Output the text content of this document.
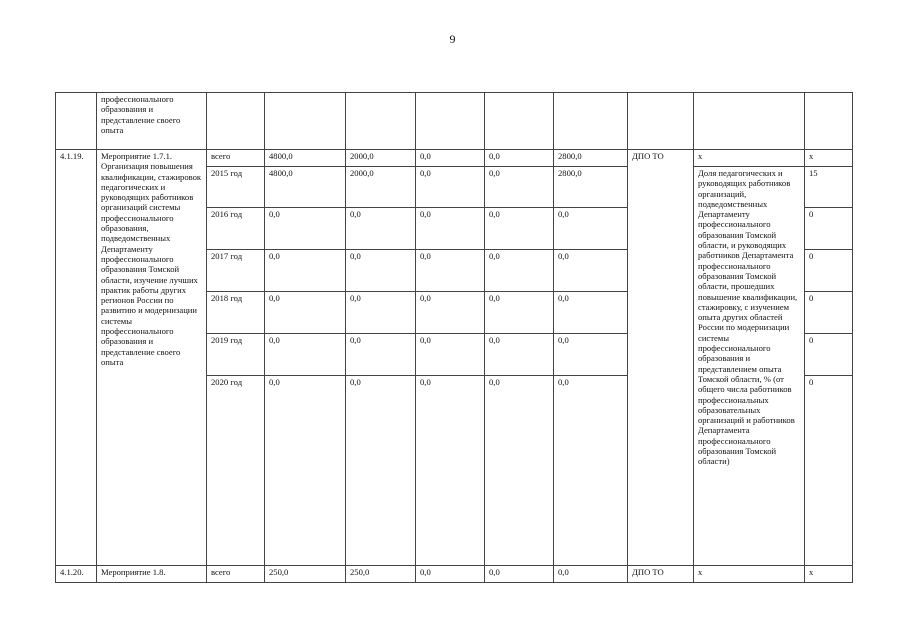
9
	профессионального образования и представление своего опыта									
4.1.19.	Мероприятие 1.7.1. Организация повышения квалификации, стажировок педагогических и руководящих работников организаций системы профессионального образования, подведомственных Департаменту профессионального образования Томской области, изучение лучших практик работы других регионов России по развитию и модернизации системы профессионального образования и представление своего опыта	всего	4800,0	2000,0	0,0	0,0	2800,0	ДПО ТО	x	x
		2015 год	4800,0	2000,0	0,0	0,0	2800,0		Доля педагогических и руководящих работников организаций, подведомственных Департаменту профессионального образования Томской области, и руководящих работников Департамента профессионального образования Томской области, прошедших повышение квалификации, стажировку, с изучением опыта других областей России по модернизации системы профессионального образования и представлением опыта Томской области, % (от общего числа работников профессиональных образовательных организаций и работников Департамента профессионального образования Томской области)	15
		2016 год	0,0	0,0	0,0	0,0	0,0			0
		2017 год	0,0	0,0	0,0	0,0	0,0			0
		2018 год	0,0	0,0	0,0	0,0	0,0			0
		2019 год	0,0	0,0	0,0	0,0	0,0			0
		2020 год	0,0	0,0	0,0	0,0	0,0			0
4.1.20.	Мероприятие 1.8.	всего	250,0	250,0	0,0	0,0	0,0	ДПО ТО	x	x
